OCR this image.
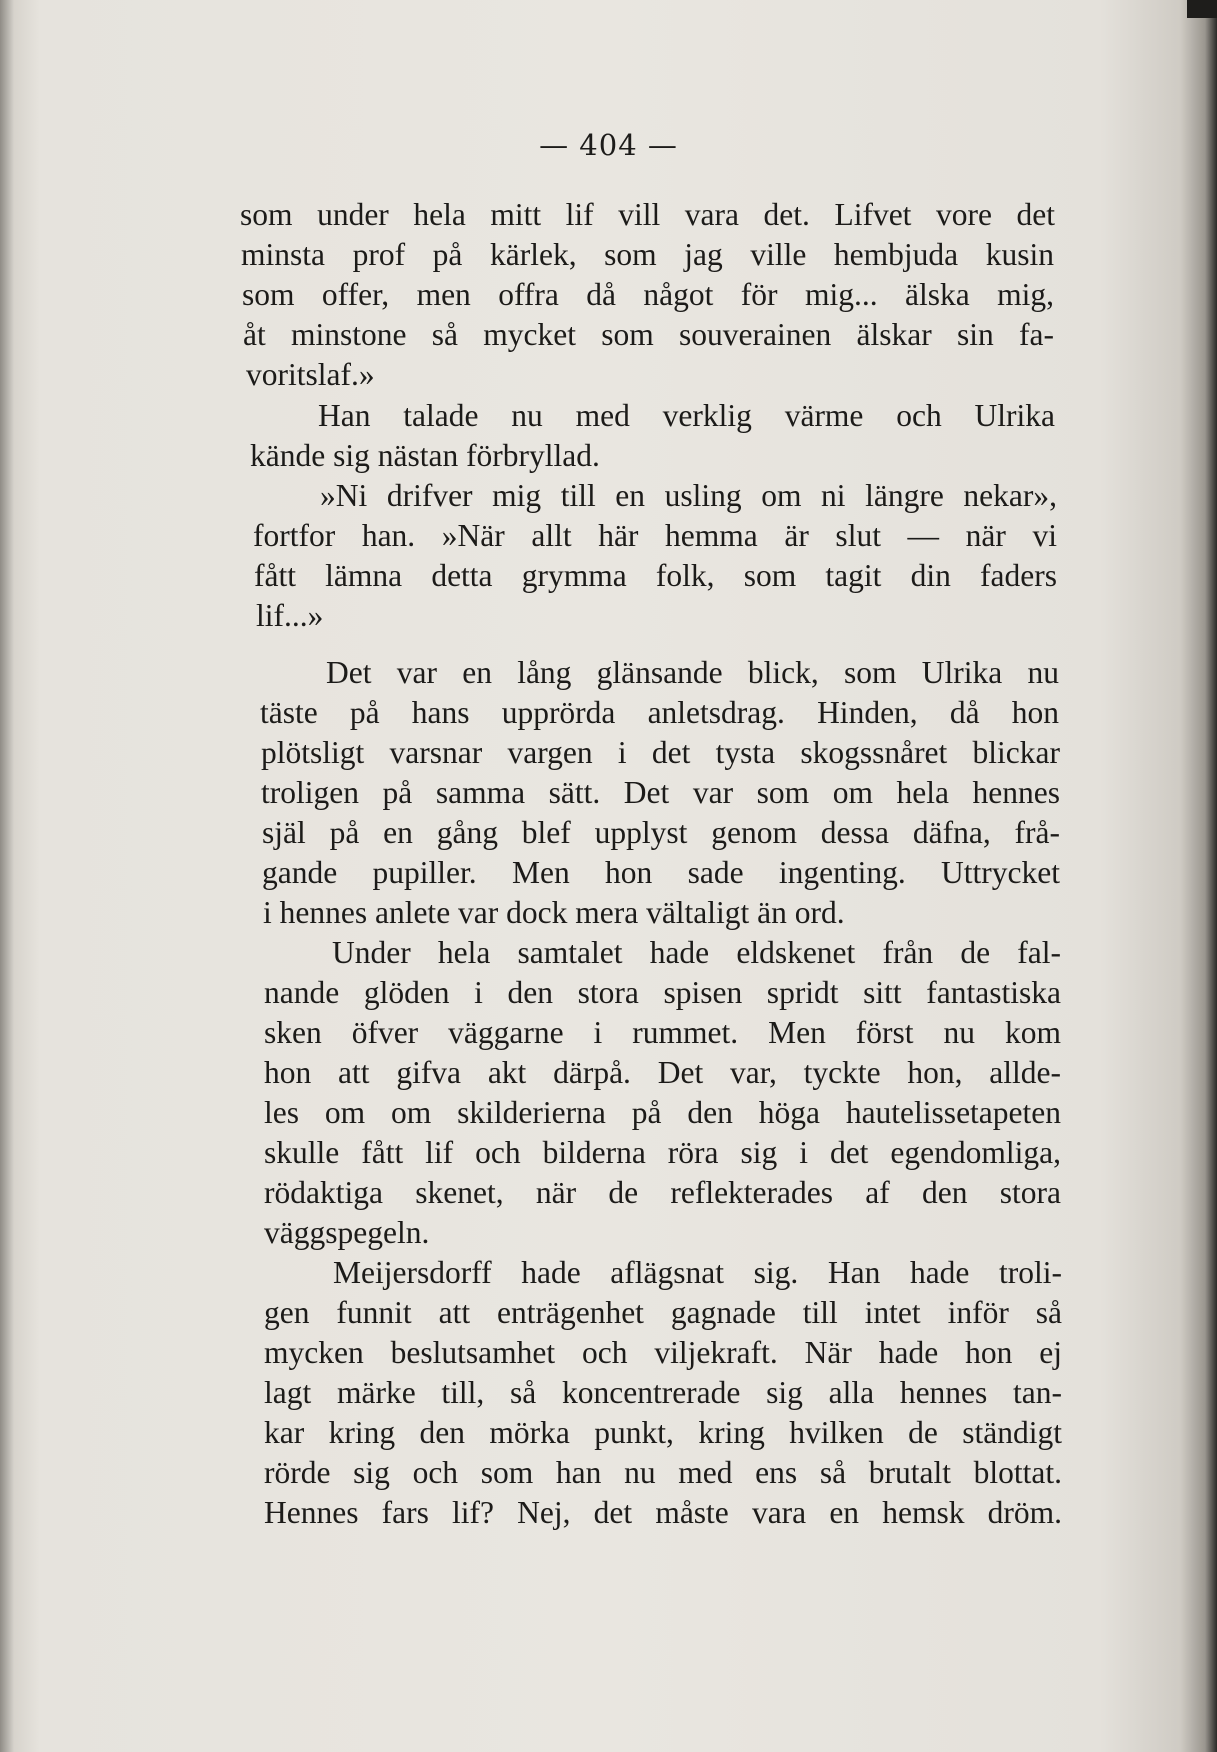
— 404 —
som under hela mitt lif vill vara det. Lifvet vore det
minsta prof på kärlek, som jag ville hembjuda kusin
som offer, men offra då något för mig... älska mig,
åt minstone så mycket som souverainen älskar sin fa-
voritslaf.»
Han talade nu med verklig värme och Ulrika
kände sig nästan förbryllad.
»Ni drifver mig till en usling om ni längre nekar»,
fortfor han. »När allt här hemma är slut — när vi
fått lämna detta grymma folk, som tagit din faders
lif...»
Det var en lång glänsande blick, som Ulrika nu
täste på hans upprörda anletsdrag. Hinden, då hon
plötsligt varsnar vargen i det tysta skogssnåret blickar
troligen på samma sätt. Det var som om hela hennes
själ på en gång blef upplyst genom dessa däfna, frå-
gande pupiller. Men hon sade ingenting. Uttrycket
i hennes anlete var dock mera vältaligt än ord.
Under hela samtalet hade eldskenet från de fal-
nande glöden i den stora spisen spridt sitt fantastiska
sken öfver väggarne i rummet. Men först nu kom
hon att gifva akt därpå. Det var, tyckte hon, allde-
les om om skilderierna på den höga hautelissetapeten
skulle fått lif och bilderna röra sig i det egendomliga,
rödaktiga skenet, när de reflekterades af den stora
väggspegeln.
Meijersdorff hade aflägsnat sig. Han hade troli-
gen funnit att enträgenhet gagnade till intet inför så
mycken beslutsamhet och viljekraft. När hade hon ej
lagt märke till, så koncentrerade sig alla hennes tan-
kar kring den mörka punkt, kring hvilken de ständigt
rörde sig och som han nu med ens så brutalt blottat.
Hennes fars lif? Nej, det måste vara en hemsk dröm.
